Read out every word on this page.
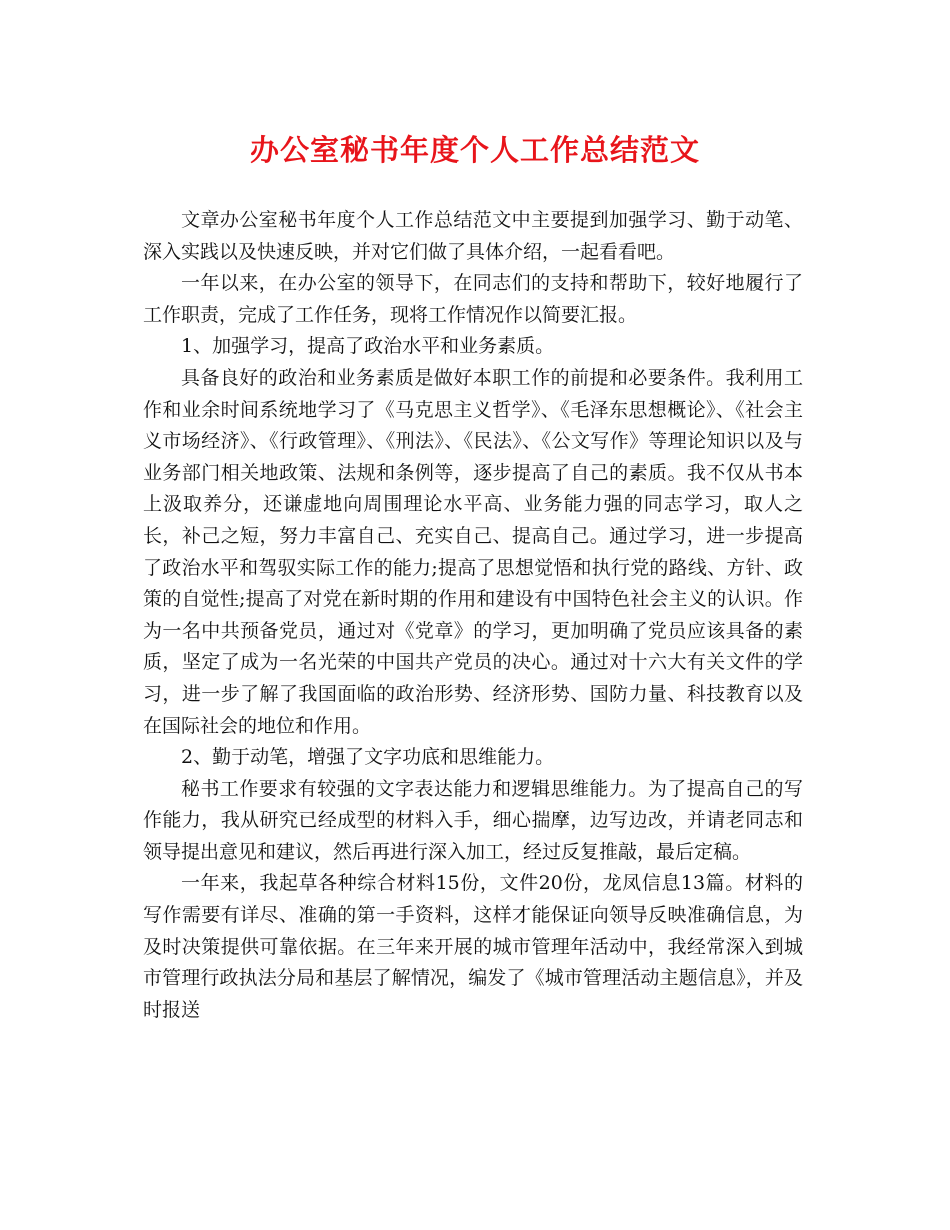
办公室秘书年度个人工作总结范文

文章办公室秘书年度个人工作总结范文中主要提到加强学习、勤于动笔、深入实践以及快速反映，并对它们做了具体介绍，一起看看吧。

一年以来，在办公室的领导下，在同志们的支持和帮助下，较好地履行了工作职责，完成了工作任务，现将工作情况作以简要汇报。

1、加强学习，提高了政治水平和业务素质。

具备良好的政治和业务素质是做好本职工作的前提和必要条件。我利用工作和业余时间系统地学习了《马克思主义哲学》、《毛泽东思想概论》、《社会主义市场经济》、《行政管理》、《刑法》、《民法》、《公文写作》等理论知识以及与业务部门相关地政策、法规和条例等，逐步提高了自己的素质。我不仅从书本上汲取养分，还谦虚地向周围理论水平高、业务能力强的同志学习，取人之长，补己之短，努力丰富自己、充实自己、提高自己。通过学习，进一步提高了政治水平和驾驭实际工作的能力;提高了思想觉悟和执行党的路线、方针、政策的自觉性;提高了对党在新时期的作用和建设有中国特色社会主义的认识。作为一名中共预备党员，通过对《党章》的学习，更加明确了党员应该具备的素质，坚定了成为一名光荣的中国共产党员的决心。通过对十六大有关文件的学习，进一步了解了我国面临的政治形势、经济形势、国防力量、科技教育以及在国际社会的地位和作用。

2、勤于动笔，增强了文字功底和思维能力。

秘书工作要求有较强的文字表达能力和逻辑思维能力。为了提高自己的写作能力，我从研究已经成型的材料入手，细心揣摩，边写边改，并请老同志和领导提出意见和建议，然后再进行深入加工，经过反复推敲，最后定稿。

一年来，我起草各种综合材料15份，文件20份，龙凤信息13篇。材料的写作需要有详尽、准确的第一手资料，这样才能保证向领导反映准确信息，为及时决策提供可靠依据。在三年来开展的城市管理年活动中，我经常深入到城市管理行政执法分局和基层了解情况，编发了《城市管理活动主题信息》，并及时报送
